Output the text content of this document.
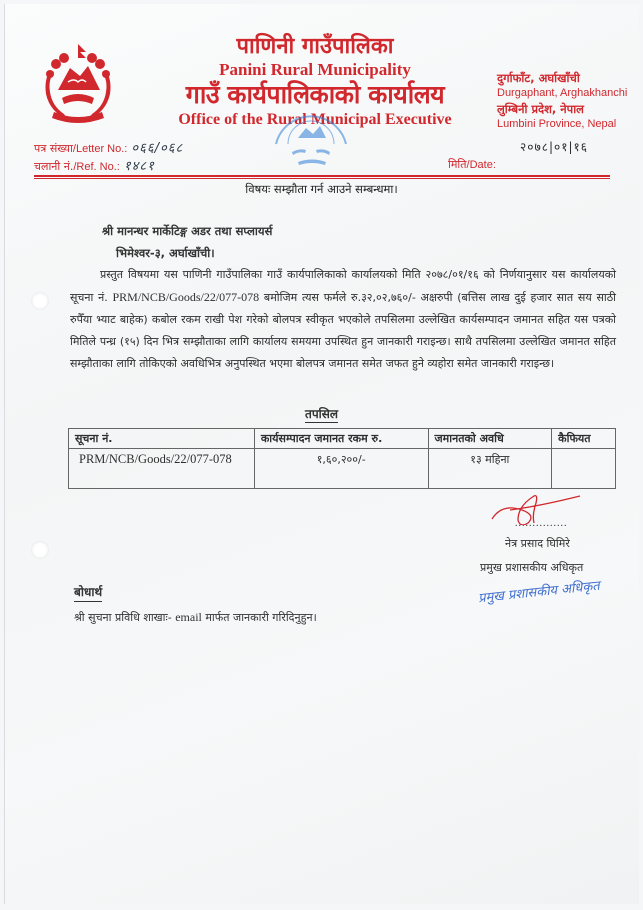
पाणिनी गाउँपालिका
Panini Rural Municipality
गाउँ कार्यपालिकाको कार्यालय
Office of the Rural Municipal Executive
दुर्गाफाँट, अर्घाखाँची
Durgaphant, Arghakhanchi
लुम्बिनी प्रदेश, नेपाल
Lumbini Province, Nepal
२०७८|०१|१६
पत्र संख्या/Letter No.: ०६६/०६८
चलानी नं./Ref. No.: १४८१	मिति/Date:
विषयः सम्झौता गर्न आउने सम्बन्धमा।
श्री मानन्धर मार्केटिङ्ग अडर तथा सप्लायर्स
भिमेश्वर-३, अर्घाखाँची।

प्रस्तुत विषयमा यस पाणिनी गाउँपालिका गाउँ कार्यपालिकाको कार्यालयको मिति २०७८/०१/१६ को निर्णयानुसार यस कार्यालयको सूचना नं. PRM/NCB/Goods/22/077-078 बमोजिम त्यस फर्मले रु.३२,०२,७६०/- अक्षरुपी (बत्तिस लाख दुई हजार सात सय साठी रुपैँया भ्याट बाहेक) कबोल रकम राखी पेश गरेको बोलपत्र स्वीकृत भएकोले तपसिलमा उल्लेखित कार्यसम्पादन जमानत सहित यस पत्रको मितिले पन्ध्र (१५) दिन भित्र सम्झौताका लागि कार्यालय समयमा उपस्थित हुन जानकारी गराइन्छ। साथै तपसिलमा उल्लेखित जमानत सहित सम्झौताका लागि तोकिएको अवधिभित्र अनुपस्थित भएमा बोलपत्र जमानत समेत जफत हुने व्यहोरा समेत जानकारी गराइन्छ।

तपसिल
सूचना नं.	कार्यसम्पादन जमानत रकम रु.	जमानतको अवधि	कैफियत
PRM/NCB/Goods/22/077-078	१,६०,२००/-	१३ महिना	
...............
नेत्र प्रसाद घिमिरे
प्रमुख प्रशासकीय अधिकृत
प्रमुख प्रशासकीय अधिकृत
बोधार्थ
श्री सुचना प्रविधि शाखाः- email मार्फत जानकारी गरिदिनुहुन।
